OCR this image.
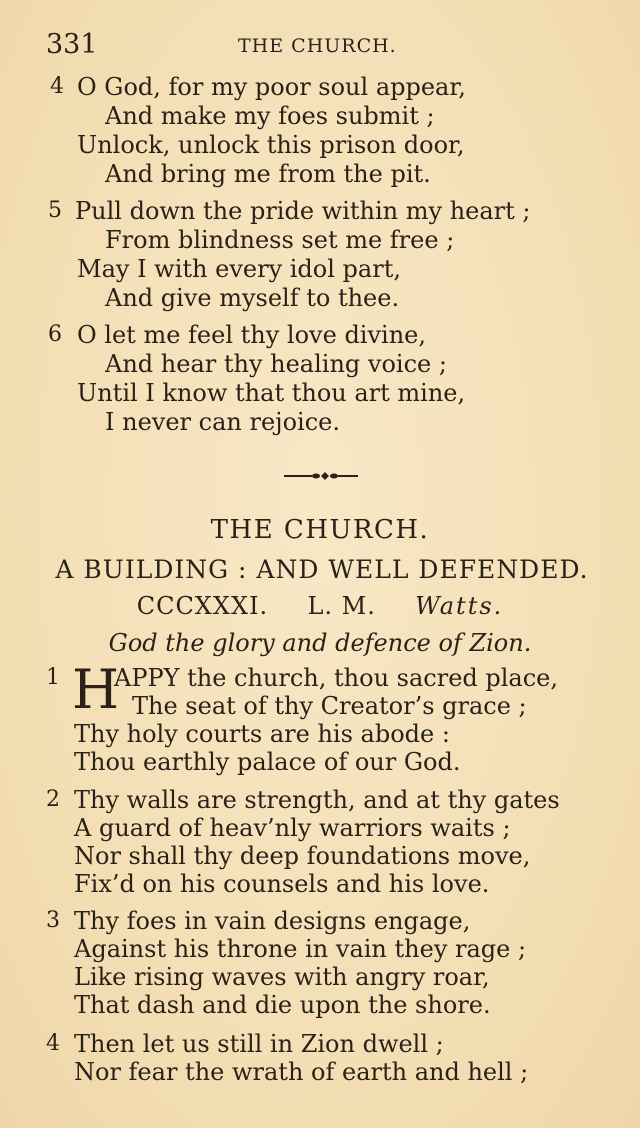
331	THE CHURCH.
4 O God, for my poor soul appear,
And make my foes submit ;
Unlock, unlock this prison door,
And bring me from the pit.
5 Pull down the pride within my heart ;
From blindness set me free ;
May I with every idol part,
And give myself to thee.
6 O let me feel thy love divine,
And hear thy healing voice ;
Until I know that thou art mine,
I never can rejoice.
THE CHURCH.
A BUILDING : AND WELL DEFENDED.
CCCXXXI. L. M. Watts.
God the glory and defence of Zion.
1 H
APPY the church, thou sacred place,
The seat of thy Creator’s grace ;
Thy holy courts are his abode :
Thou earthly palace of our God.
2 Thy walls are strength, and at thy gates
A guard of heav’nly warriors waits ;
Nor shall thy deep foundations move,
Fix’d on his counsels and his love.
3 Thy foes in vain designs engage,
Against his throne in vain they rage ;
Like rising waves with angry roar,
That dash and die upon the shore.
4 Then let us still in Zion dwell ;
Nor fear the wrath of earth and hell ;
